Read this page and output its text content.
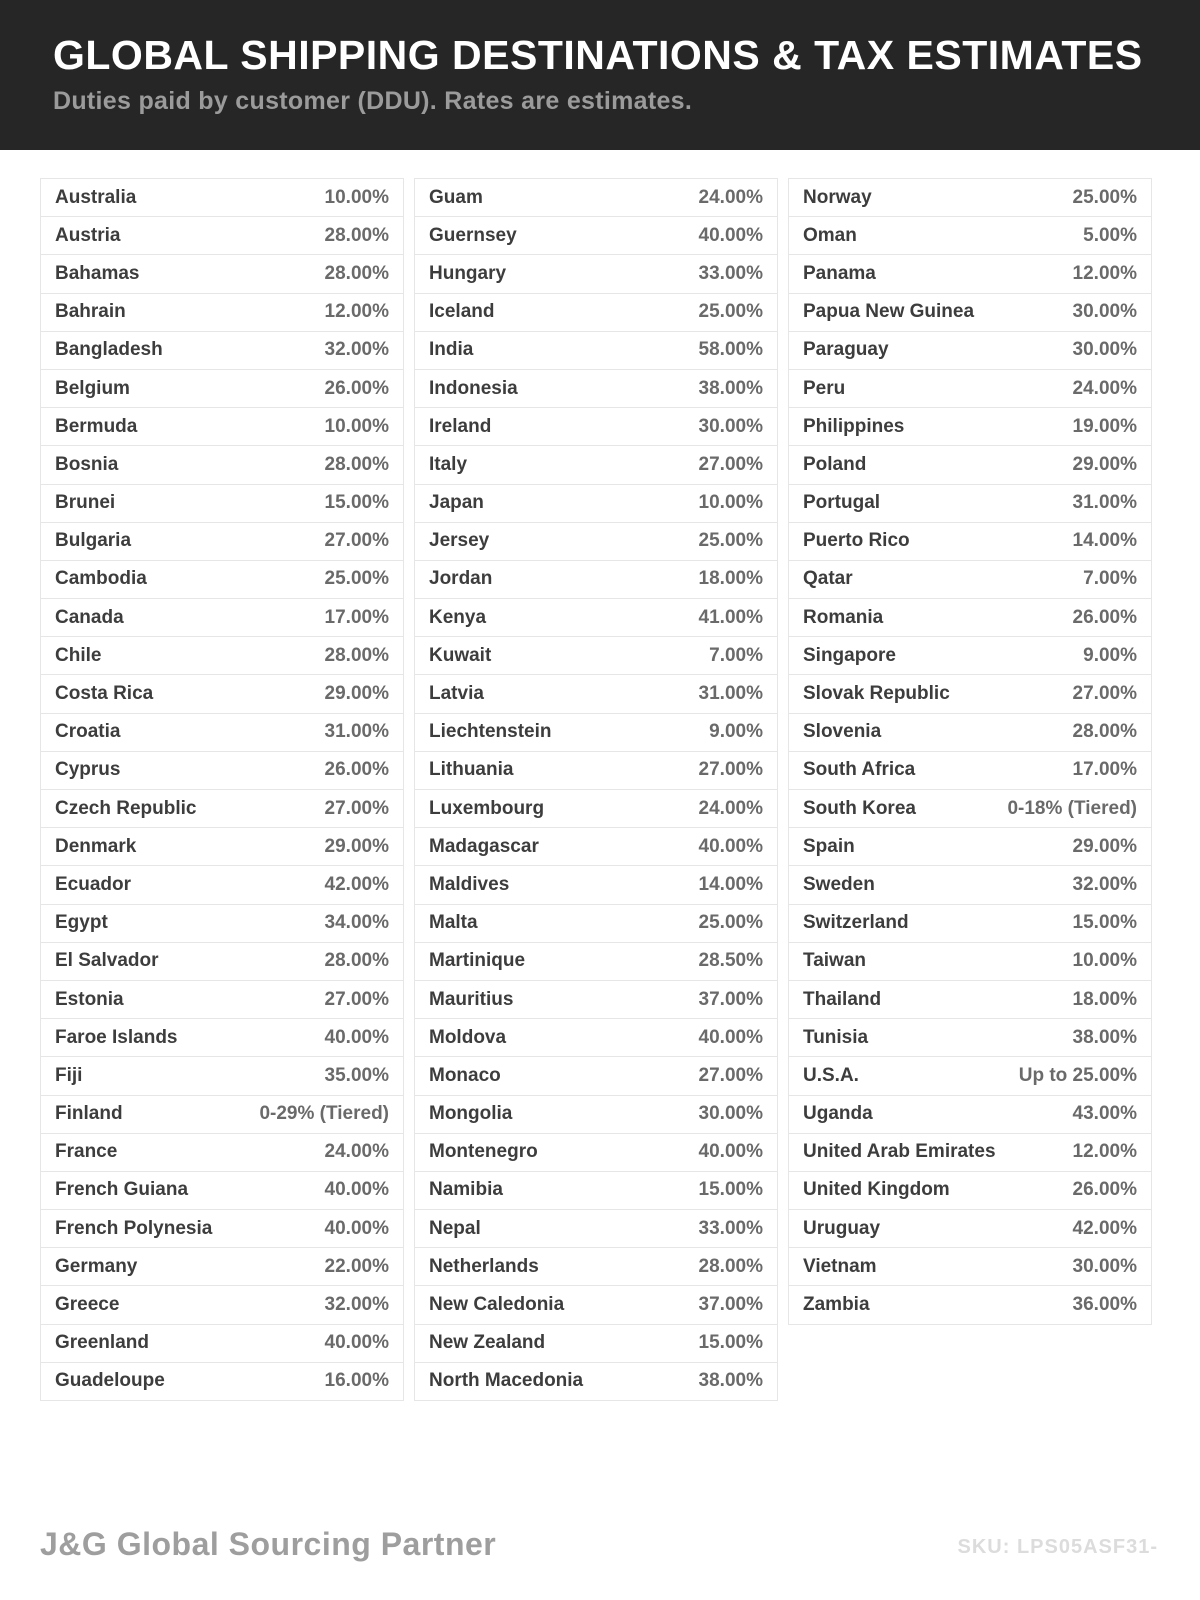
GLOBAL SHIPPING DESTINATIONS & TAX ESTIMATES

Duties paid by customer (DDU). Rates are estimates.

Australia	10.00%
Austria	28.00%
Bahamas	28.00%
Bahrain	12.00%
Bangladesh	32.00%
Belgium	26.00%
Bermuda	10.00%
Bosnia	28.00%
Brunei	15.00%
Bulgaria	27.00%
Cambodia	25.00%
Canada	17.00%
Chile	28.00%
Costa Rica	29.00%
Croatia	31.00%
Cyprus	26.00%
Czech Republic	27.00%
Denmark	29.00%
Ecuador	42.00%
Egypt	34.00%
El Salvador	28.00%
Estonia	27.00%
Faroe Islands	40.00%
Fiji	35.00%
Finland	0-29% (Tiered)
France	24.00%
French Guiana	40.00%
French Polynesia	40.00%
Germany	22.00%
Greece	32.00%
Greenland	40.00%
Guadeloupe	16.00%
Guam	24.00%
Guernsey	40.00%
Hungary	33.00%
Iceland	25.00%
India	58.00%
Indonesia	38.00%
Ireland	30.00%
Italy	27.00%
Japan	10.00%
Jersey	25.00%
Jordan	18.00%
Kenya	41.00%
Kuwait	7.00%
Latvia	31.00%
Liechtenstein	9.00%
Lithuania	27.00%
Luxembourg	24.00%
Madagascar	40.00%
Maldives	14.00%
Malta	25.00%
Martinique	28.50%
Mauritius	37.00%
Moldova	40.00%
Monaco	27.00%
Mongolia	30.00%
Montenegro	40.00%
Namibia	15.00%
Nepal	33.00%
Netherlands	28.00%
New Caledonia	37.00%
New Zealand	15.00%
North Macedonia	38.00%
Norway	25.00%
Oman	5.00%
Panama	12.00%
Papua New Guinea	30.00%
Paraguay	30.00%
Peru	24.00%
Philippines	19.00%
Poland	29.00%
Portugal	31.00%
Puerto Rico	14.00%
Qatar	7.00%
Romania	26.00%
Singapore	9.00%
Slovak Republic	27.00%
Slovenia	28.00%
South Africa	17.00%
South Korea	0-18% (Tiered)
Spain	29.00%
Sweden	32.00%
Switzerland	15.00%
Taiwan	10.00%
Thailand	18.00%
Tunisia	38.00%
U.S.A.	Up to 25.00%
Uganda	43.00%
United Arab Emirates	12.00%
United Kingdom	26.00%
Uruguay	42.00%
Vietnam	30.00%
Zambia	36.00%
J&G Global Sourcing Partner	SKU: LPS05ASF31-
